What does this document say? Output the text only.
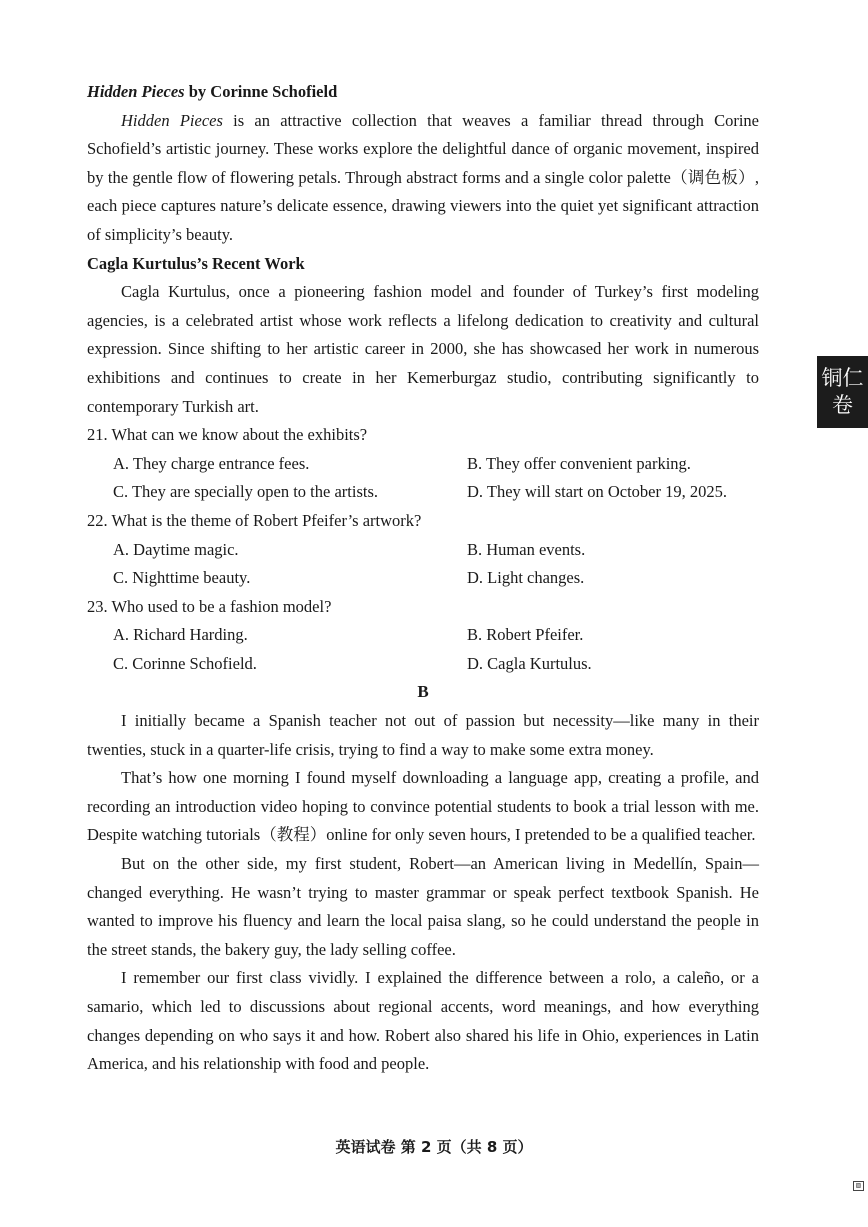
Hidden Pieces by Corinne Schofield

Hidden Pieces is an attractive collection that weaves a familiar thread through Corine Schofield’s artistic journey. These works explore the delightful dance of organic movement, inspired by the gentle flow of flowering petals. Through abstract forms and a single color palette（调色板）, each piece captures nature’s delicate essence, drawing viewers into the quiet yet significant attraction of simplicity’s beauty.

Cagla Kurtulus’s Recent Work

Cagla Kurtulus, once a pioneering fashion model and founder of Turkey’s first modeling agencies, is a celebrated artist whose work reflects a lifelong dedication to creativity and cultural expression. Since shifting to her artistic career in 2000, she has showcased her work in numerous exhibitions and continues to create in her Kemerburgaz studio, contributing significantly to contemporary Turkish art.

21. What can we know about the exhibits?
A. They charge entrance fees.	B. They offer convenient parking.
C. They are specially open to the artists.	D. They will start on October 19, 2025.
22. What is the theme of Robert Pfeifer’s artwork?
A. Daytime magic.	B. Human events.
C. Nighttime beauty.	D. Light changes.
23. Who used to be a fashion model?
A. Richard Harding.	B. Robert Pfeifer.
C. Corinne Schofield.	D. Cagla Kurtulus.
B

I initially became a Spanish teacher not out of passion but necessity—like many in their twenties, stuck in a quarter-life crisis, trying to find a way to make some extra money.

That’s how one morning I found myself downloading a language app, creating a profile, and recording an introduction video hoping to convince potential students to book a trial lesson with me. Despite watching tutorials（教程）online for only seven hours, I pretended to be a qualified teacher.

But on the other side, my first student, Robert—an American living in Medellín, Spain—changed everything. He wasn’t trying to master grammar or speak perfect textbook Spanish. He wanted to improve his fluency and learn the local paisa slang, so he could understand the people in the street stands, the bakery guy, the lady selling coffee.

I remember our first class vividly. I explained the difference between a rolo, a caleño, or a samario, which led to discussions about regional accents, word meanings, and how everything changes depending on who says it and how. Robert also shared his life in Ohio, experiences in Latin America, and his relationship with food and people.

铜仁
卷
英语试卷 第 2 页（共 8 页）
▨
